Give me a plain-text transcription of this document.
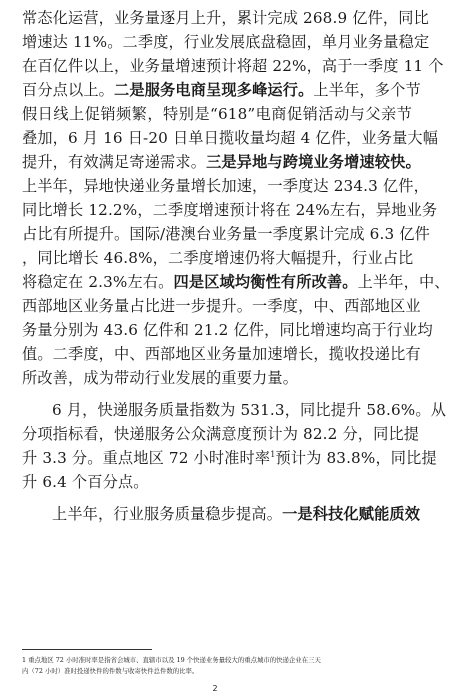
常态化运营，业务量逐月上升，累计完成 268.9 亿件，同比
增速达 11%。二季度，行业发展底盘稳固，单月业务量稳定
在百亿件以上，业务量增速预计将超 22%，高于一季度 11 个
百分点以上。二是服务电商呈现多峰运行。上半年，多个节
假日线上促销频繁，特别是“618”电商促销活动与父亲节
叠加，6 月 16 日-20 日单日揽收量均超 4 亿件，业务量大幅
提升，有效满足寄递需求。三是异地与跨境业务增速较快。
上半年，异地快递业务量增长加速，一季度达 234.3 亿件，
同比增长 12.2%，二季度增速预计将在 24%左右，异地业务
占比有所提升。国际/港澳台业务量一季度累计完成 6.3 亿件
，同比增长 46.8%，二季度增速仍将大幅提升，行业占比
将稳定在 2.3%左右。四是区域均衡性有所改善。上半年，中、
西部地区业务量占比进一步提升。一季度，中、西部地区业
务量分别为 43.6 亿件和 21.2 亿件，同比增速均高于行业均
值。二季度，中、西部地区业务量加速增长，揽收投递比有
所改善，成为带动行业发展的重要力量。
6 月，快递服务质量指数为 531.3，同比提升 58.6%。从
分项指标看，快递服务公众满意度预计为 82.2 分，同比提
升 3.3 分。重点地区 72 小时准时率$^1$预计为 83.8%，同比提
升 6.4 个百分点。
上半年，行业服务质量稳步提高。一是科技化赋能质效
1 重点地区 72 小时准时率是指省会城市、直辖市以及 19 个快递业务量较大的重点城市的快递企业在三天
内（72 小时）准时投递快件的件数与收寄快件总件数的比率。
2
